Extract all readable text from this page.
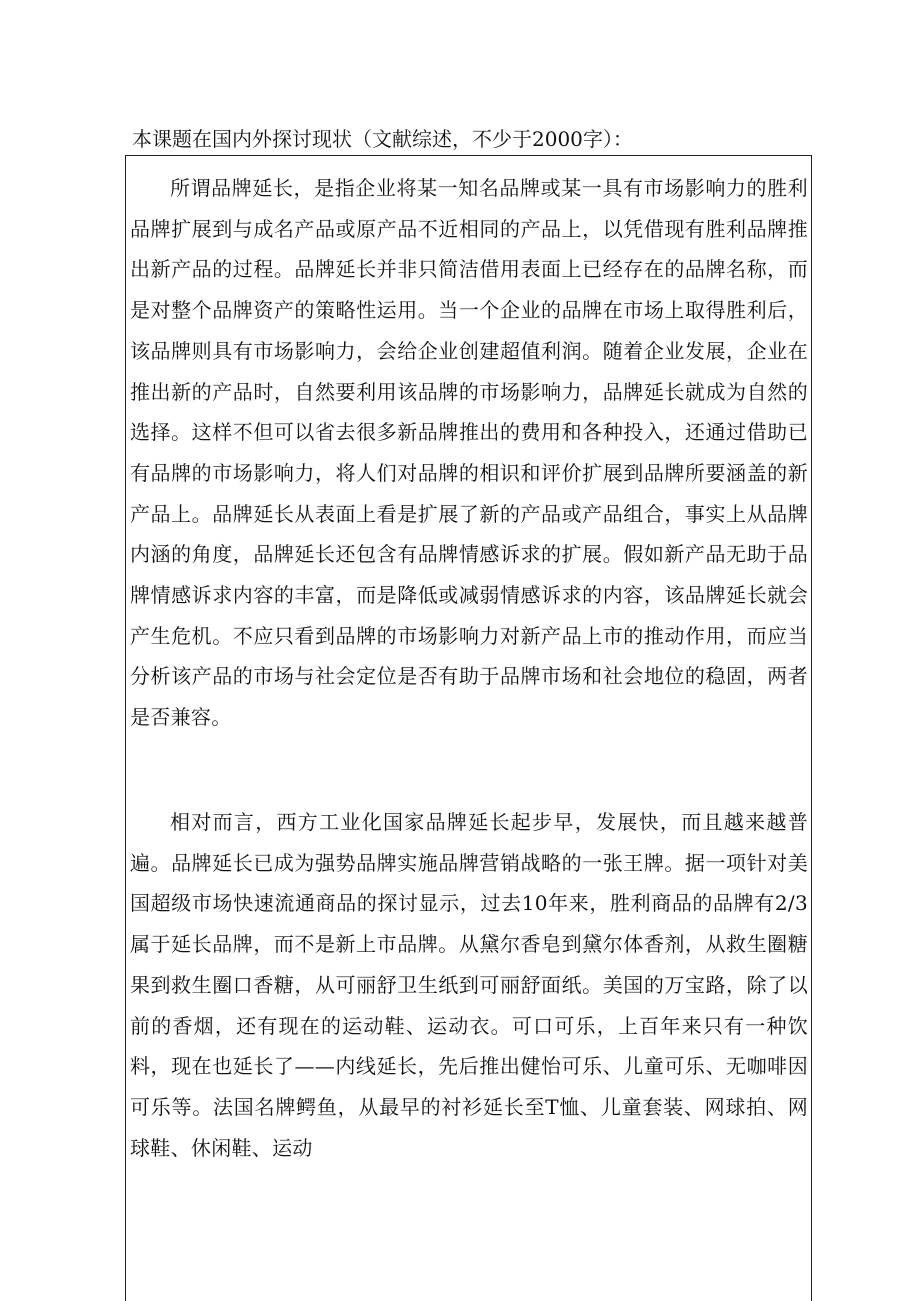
本课题在国内外探讨现状（文献综述，不少于2000字）：

所谓品牌延长，是指企业将某一知名品牌或某一具有市场影响力的胜利品牌扩展到与成名产品或原产品不近相同的产品上，以凭借现有胜利品牌推出新产品的过程。品牌延长并非只简洁借用表面上已经存在的品牌名称，而是对整个品牌资产的策略性运用。当一个企业的品牌在市场上取得胜利后，该品牌则具有市场影响力，会给企业创建超值利润。随着企业发展，企业在推出新的产品时，自然要利用该品牌的市场影响力，品牌延长就成为自然的选择。这样不但可以省去很多新品牌推出的费用和各种投入，还通过借助已有品牌的市场影响力，将人们对品牌的相识和评价扩展到品牌所要涵盖的新产品上。品牌延长从表面上看是扩展了新的产品或产品组合，事实上从品牌内涵的角度，品牌延长还包含有品牌情感诉求的扩展。假如新产品无助于品牌情感诉求内容的丰富，而是降低或减弱情感诉求的内容，该品牌延长就会产生危机。不应只看到品牌的市场影响力对新产品上市的推动作用，而应当分析该产品的市场与社会定位是否有助于品牌市场和社会地位的稳固，两者是否兼容。

相对而言，西方工业化国家品牌延长起步早，发展快，而且越来越普遍。品牌延长已成为强势品牌实施品牌营销战略的一张王牌。据一项针对美国超级市场快速流通商品的探讨显示，过去10年来，胜利商品的品牌有2/3属于延长品牌，而不是新上市品牌。从黛尔香皂到黛尔体香剂，从救生圈糖果到救生圈口香糖，从可丽舒卫生纸到可丽舒面纸。美国的万宝路，除了以前的香烟，还有现在的运动鞋、运动衣。可口可乐，上百年来只有一种饮料，现在也延长了——内线延长，先后推出健怡可乐、儿童可乐、无咖啡因可乐等。法国名牌鳄鱼，从最早的衬衫延长至T恤、儿童套装、网球拍、网球鞋、休闲鞋、运动
